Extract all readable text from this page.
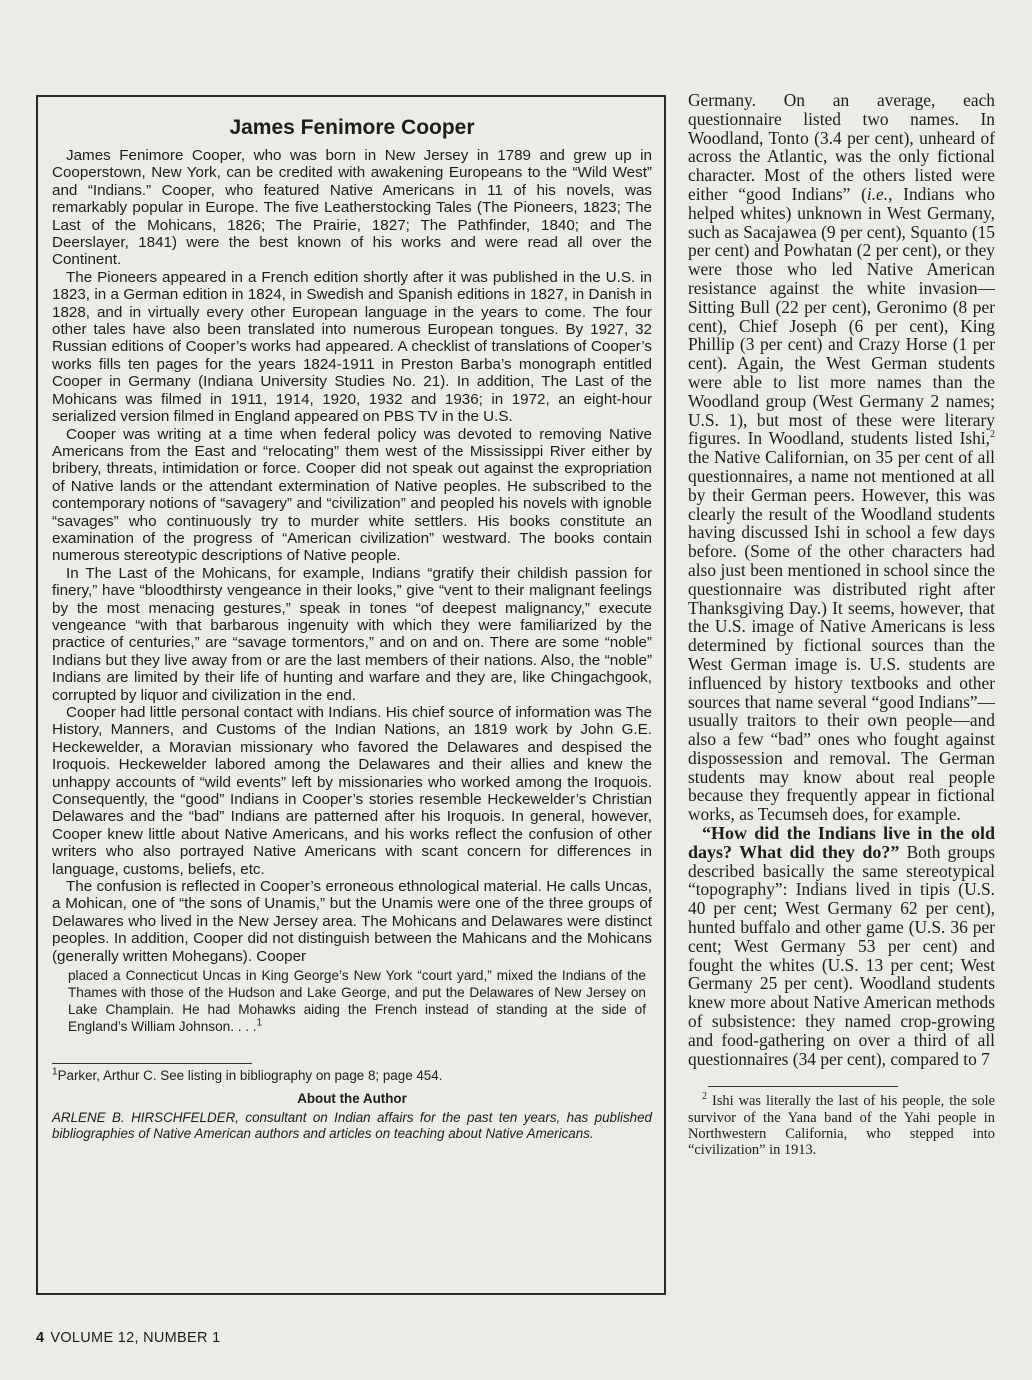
James Fenimore Cooper

James Fenimore Cooper, who was born in New Jersey in 1789 and grew up in Cooperstown, New York, can be credited with awakening Europeans to the “Wild West” and “Indians.” Cooper, who featured Native Americans in 11 of his novels, was remarkably popular in Europe. The five Leatherstocking Tales (The Pioneers, 1823; The Last of the Mohicans, 1826; The Prairie, 1827; The Pathfinder, 1840; and The Deerslayer, 1841) were the best known of his works and were read all over the Continent.

The Pioneers appeared in a French edition shortly after it was published in the U.S. in 1823, in a German edition in 1824, in Swedish and Spanish editions in 1827, in Danish in 1828, and in virtually every other European language in the years to come. The four other tales have also been translated into numerous European tongues. By 1927, 32 Russian editions of Cooper’s works had appeared. A checklist of translations of Cooper’s works fills ten pages for the years 1824-1911 in Preston Barba’s monograph entitled Cooper in Germany (Indiana University Studies No. 21). In addition, The Last of the Mohicans was filmed in 1911, 1914, 1920, 1932 and 1936; in 1972, an eight-hour serialized version filmed in England appeared on PBS TV in the U.S.

Cooper was writing at a time when federal policy was devoted to removing Native Americans from the East and “relocating” them west of the Mississippi River either by bribery, threats, intimidation or force. Cooper did not speak out against the expropriation of Native lands or the attendant extermination of Native peoples. He subscribed to the contemporary notions of “savagery” and “civilization” and peopled his novels with ignoble “savages” who continuously try to murder white settlers. His books constitute an examination of the progress of “American civilization” westward. The books contain numerous stereotypic descriptions of Native people.

In The Last of the Mohicans, for example, Indians “gratify their childish passion for finery,” have “bloodthirsty vengeance in their looks,” give “vent to their malignant feelings by the most menacing gestures,” speak in tones “of deepest malignancy,” execute vengeance “with that barbarous ingenuity with which they were familiarized by the practice of centuries,” are “savage tormentors,” and on and on. There are some “noble” Indians but they live away from or are the last members of their nations. Also, the “noble” Indians are limited by their life of hunting and warfare and they are, like Chingachgook, corrupted by liquor and civilization in the end.

Cooper had little personal contact with Indians. His chief source of information was The History, Manners, and Customs of the Indian Nations, an 1819 work by John G.E. Heckewelder, a Moravian missionary who favored the Delawares and despised the Iroquois. Heckewelder labored among the Delawares and their allies and knew the unhappy accounts of “wild events” left by missionaries who worked among the Iroquois. Consequently, the “good” Indians in Cooper’s stories resemble Heckewelder’s Christian Delawares and the “bad” Indians are patterned after his Iroquois. In general, however, Cooper knew little about Native Americans, and his works reflect the confusion of other writers who also portrayed Native Americans with scant concern for differences in language, customs, beliefs, etc.

The confusion is reflected in Cooper’s erroneous ethnological material. He calls Uncas, a Mohican, one of “the sons of Unamis,” but the Unamis were one of the three groups of Delawares who lived in the New Jersey area. The Mohicans and Delawares were distinct peoples. In addition, Cooper did not distinguish between the Mahicans and the Mohicans (generally written Mohegans). Cooper

placed a Connecticut Uncas in King George’s New York “court yard,” mixed the Indians of the Thames with those of the Hudson and Lake George, and put the Delawares of New Jersey on Lake Champlain. He had Mohawks aiding the French instead of standing at the side of England’s William Johnson. . . .$^1$
$^1$Parker, Arthur C. See listing in bibliography on page 8; page 454.
About the Author
ARLENE B. HIRSCHFELDER, consultant on Indian affairs for the past ten years, has published bibliographies of Native American authors and articles on teaching about Native Americans.

Germany. On an average, each questionnaire listed two names. In Woodland, Tonto (3.4 per cent), unheard of across the Atlantic, was the only fictional character. Most of the others listed were either “good Indians” (i.e., Indians who helped whites) unknown in West Germany, such as Sacajawea (9 per cent), Squanto (15 per cent) and Powhatan (2 per cent), or they were those who led Native American resistance against the white invasion—Sitting Bull (22 per cent), Geronimo (8 per cent), Chief Joseph (6 per cent), King Phillip (3 per cent) and Crazy Horse (1 per cent). Again, the West German students were able to list more names than the Woodland group (West Germany 2 names; U.S. 1), but most of these were literary figures. In Woodland, students listed Ishi,$^2$ the Native Californian, on 35 per cent of all questionnaires, a name not mentioned at all by their German peers. However, this was clearly the result of the Woodland students having discussed Ishi in school a few days before. (Some of the other characters had also just been mentioned in school since the questionnaire was distributed right after Thanksgiving Day.) It seems, however, that the U.S. image of Native Americans is less determined by fictional sources than the West German image is. U.S. students are influenced by history textbooks and other sources that name several “good Indians”—usually traitors to their own people—and also a few “bad” ones who fought against dispossession and removal. The German students may know about real people because they frequently appear in fictional works, as Tecumseh does, for example.

“How did the Indians live in the old days? What did they do?” Both groups described basically the same stereotypical “topography”: Indians lived in tipis (U.S. 40 per cent; West Germany 62 per cent), hunted buffalo and other game (U.S. 36 per cent; West Germany 53 per cent) and fought the whites (U.S. 13 per cent; West Germany 25 per cent). Woodland students knew more about Native American methods of subsistence: they named crop-growing and food-gathering on over a third of all questionnaires (34 per cent), compared to 7

$^2$ Ishi was literally the last of his people, the sole survivor of the Yana band of the Yahi people in Northwestern California, who stepped into “civilization” in 1913.
4 VOLUME 12, NUMBER 1
